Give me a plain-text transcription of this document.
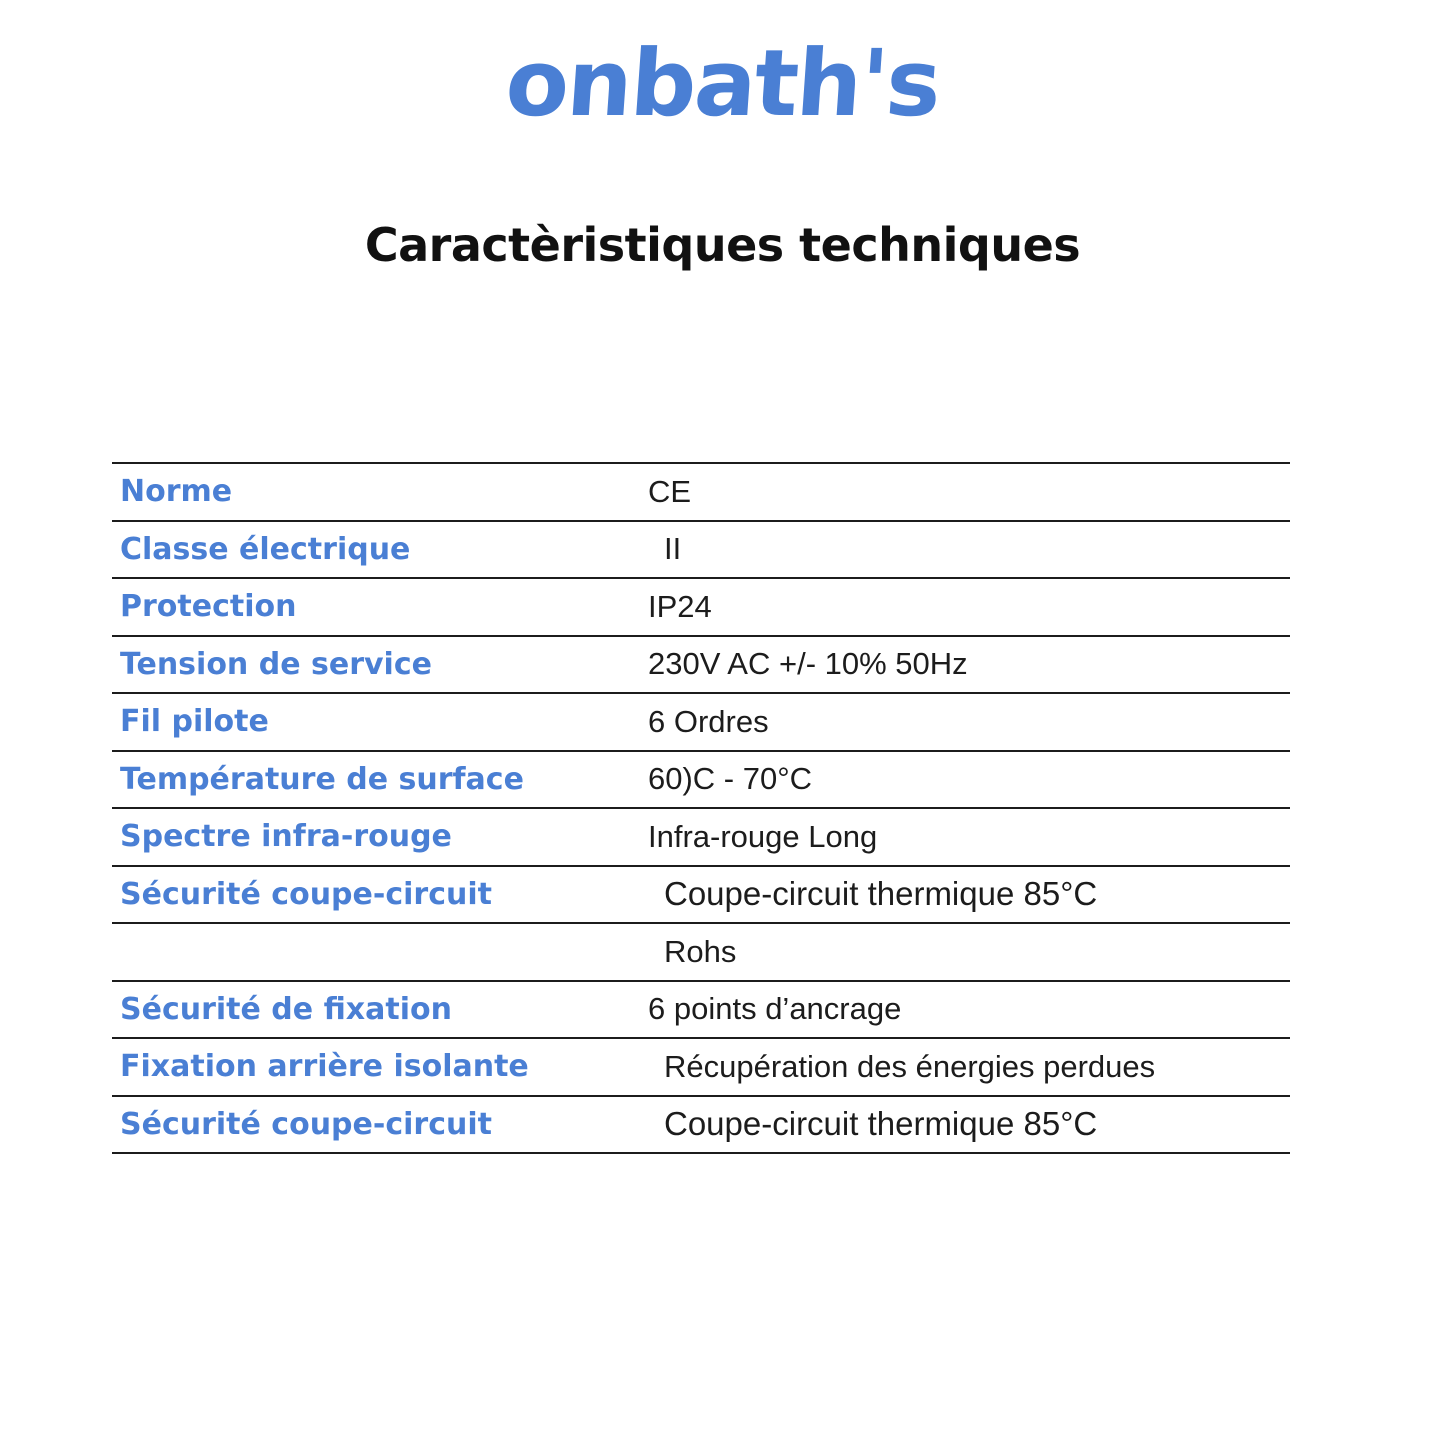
onbath's
Caractèristiques techniques
Norme	CE
Classe électrique	II
Protection	IP24
Tension de service	230V AC +/- 10% 50Hz
Fil pilote	6 Ordres
Température de surface	60)C - 70°C
Spectre infra-rouge	Infra-rouge Long
Sécurité coupe-circuit	Coupe-circuit thermique 85°C
	Rohs
Sécurité de fixation	6 points d’ancrage
Fixation arrière isolante	Récupération des énergies perdues
Sécurité coupe-circuit	Coupe-circuit thermique 85°C
